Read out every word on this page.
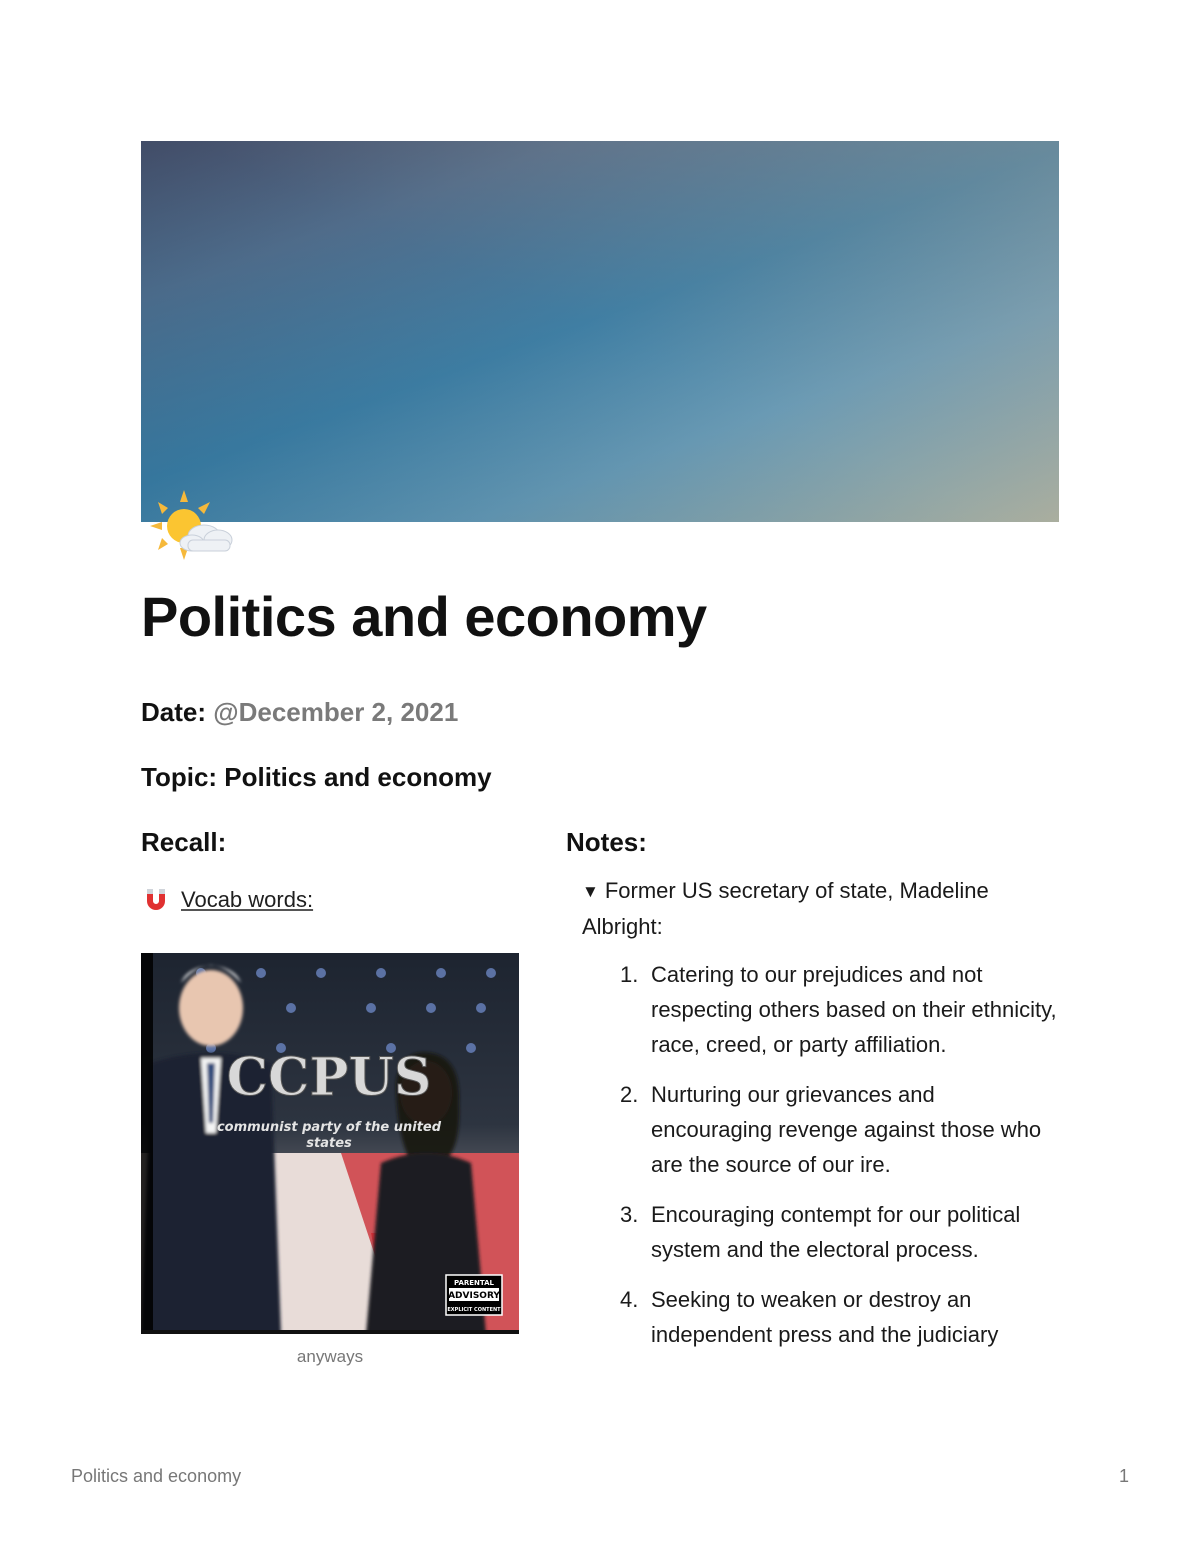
Politics and economy

Date: @December 2, 2021

Topic: Politics and economy

Recall:	Notes:
Vocab words:
CCPUS
communist party of the united
states
PARENTAL
ADVISORY
EXPLICIT CONTENT
anyways
▼ Former US secretary of state, Madeline Albright:
1. Catering to our prejudices and not respecting others based on their ethnicity, race, creed, or party affiliation.
2. Nurturing our grievances and encouraging revenge against those who are the source of our ire.
3. Encouraging contempt for our political system and the electoral process.
4. Seeking to weaken or destroy an independent press and the judiciary
Politics and economy	1
